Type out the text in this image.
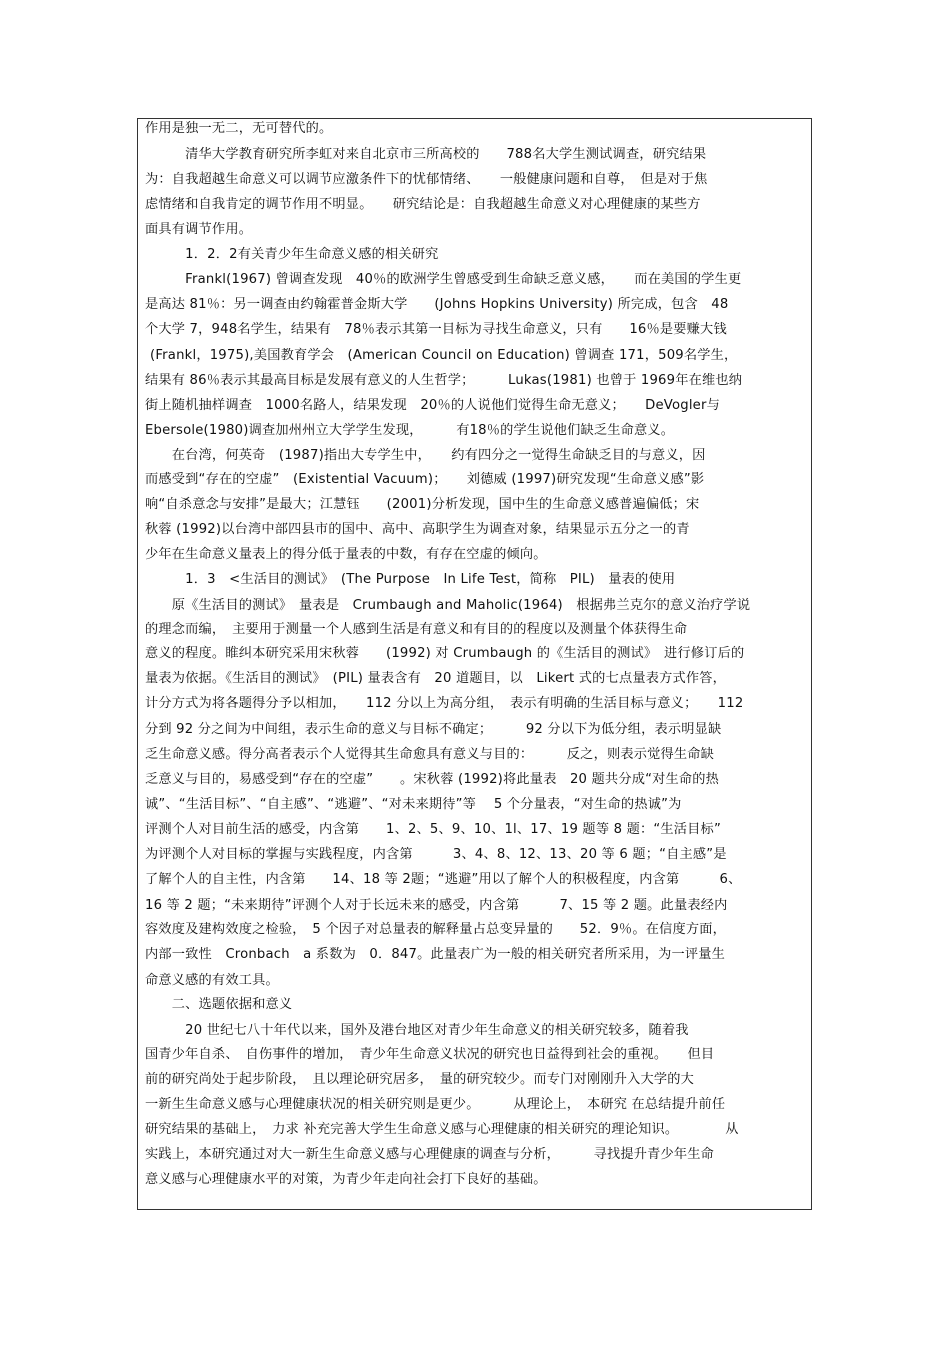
作用是独一无二，无可替代的。
　　　清华大学教育研究所李虹对来自北京市三所高校的　　788名大学生测试调查，研究结果
为：自我超越生命意义可以调节应激条件下的忧郁情绪、　　一般健康问题和自尊，　但是对于焦
虑情绪和自我肯定的调节作用不明显。　　研究结论是：自我超越生命意义对心理健康的某些方
面具有调节作用。
　　　1．2．2有关青少年生命意义感的相关研究
　　　Frankl(1967) 曾调查发现　40％的欧洲学生曾感受到生命缺乏意义感，　　而在美国的学生更
是高达 81％：另一调查由约翰霍普金斯大学　　(Johns Hopkins University) 所完成，包含　48
个大学 7，948名学生，结果有　78％表示其第一目标为寻找生命意义，只有　　16％是要赚大钱
(Frankl，1975),美国教育学会　(American Council on Education) 曾调查 171，509名学生，
结果有 86％表示其最高目标是发展有意义的人生哲学；　　　Lukas(1981) 也曾于 1969年在维也纳
街上随机抽样调查　1000名路人，结果发现　20％的人说他们觉得生命无意义；　　DeVogler与
Ebersole(1980)调查加州州立大学学生发现，　　　有18％的学生说他们缺乏生命意义。
　　在台湾，何英奇　(1987)指出大专学生中，　　约有四分之一觉得生命缺乏目的与意义，因
而感受到“存在的空虚”　(Existential Vacuum)；　　刘德威 (1997)研究发现“生命意义感”影
响“自杀意念与安排”是最大；江慧钰　　(2001)分析发现，国中生的生命意义感普遍偏低；宋
秋蓉 (1992)以台湾中部四县市的国中、高中、高职学生为调查对象，结果显示五分之一的青
少年在生命意义量表上的得分低于量表的中数，有存在空虚的倾向。
　　　1．3　<生活目的测试》　(The Purpose　In Life Test，简称　PIL)　量表的使用
　　原《生活目的测试》　量表是　Crumbaugh and Maholic(1964)　根据弗兰克尔的意义治疗学说
的理念而编，　主要用于测量一个人感到生活是有意义和有目的的程度以及测量个体获得生命
意义的程度。睢纠本研究采用宋秋蓉　　(1992) 对 Crumbaugh 的《生活目的测试》　进行修订后的
量表为依据。《生活目的测试》　(PIL) 量表含有　20 道题目，以　Likert 式的七点量表方式作答，
计分方式为将各题得分予以相加，　　112 分以上为高分组，　表示有明确的生活目标与意义；　　112
分到 92 分之间为中间组，表示生命的意义与目标不确定；　　　92 分以下为低分组，表示明显缺
乏生命意义感。得分高者表示个人觉得其生命愈具有意义与目的：　　　反之，则表示觉得生命缺
乏意义与目的，易感受到“存在的空虚”　　。宋秋蓉 (1992)将此量表　20 题共分成“对生命的热
诚”、“生活目标”、“自主感”、“逃避”、“对未来期待”等　 5 个分量表，“对生命的热诚”为
评测个人对目前生活的感受，内含第　　1、2、5、9、10、1l、17、19 题等 8 题：“生活目标”
为评测个人对目标的掌握与实践程度，内含第　　　3、4、8、12、13、20 等 6 题；“自主感”是
了解个人的自主性，内含第　　14、18 等 2题；“逃避”用以了解个人的积极程度，内含第　　　6、
16 等 2 题；“未来期待”评测个人对于长远未来的感受，内含第　　　7、15 等 2 题。此量表经内
容效度及建构效度之检验，　5 个因子对总量表的解释量占总变异量的　　52．9％。在信度方面，
内部一致性　Cronbach　a 系数为　0．847。此量表广为一般的相关研究者所采用，为一评量生
命意义感的有效工具。
　　二、选题依据和意义
　　　20 世纪七八十年代以来，国外及港台地区对青少年生命意义的相关研究较多，随着我
国青少年自杀、　自伤事件的增加，　青少年生命意义状况的研究也日益得到社会的重视。　　但目
前的研究尚处于起步阶段，　且以理论研究居多，　量的研究较少。而专门对刚刚升入大学的大
一新生生命意义感与心理健康状况的相关研究则是更少。　　　从理论上，　本研究 在总结提升前任
研究结果的基础上，　力求 补充完善大学生生命意义感与心理健康的相关研究的理论知识。　　　　从
实践上，本研究通过对大一新生生命意义感与心理健康的调查与分析，　　　寻找提升青少年生命
意义感与心理健康水平的对策，为青少年走向社会打下良好的基础。
